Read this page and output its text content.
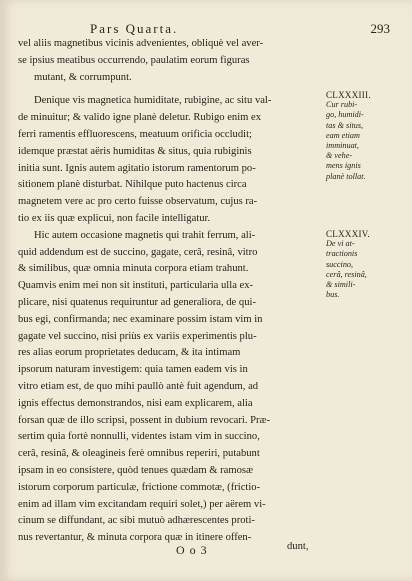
Pars Quarta.	293
vel aliis magnetibus vicinis advenientes, obliquè vel aver-
se ipsius meatibus occurrendo, paulatim eorum figuras
mutant, & corrumpunt.
Denique vis magnetica humiditate, rubigine, ac situ val-
de minuitur; & valido igne planè deletur. Rubigo enim ex
ferri ramentis effluorescens, meatuum orificia occludit;
idemque præstat aëris humiditas & situs, quia rubiginis
initia sunt. Ignis autem agitatio istorum ramentorum po-
sitionem planè disturbat. Nihilque puto hactenus circa
magnetem vere ac pro certo fuisse observatum, cujus ra-
tio ex iis quæ explicui, non facile intelligatur.
Hic autem occasione magnetis qui trahit ferrum, ali-
quid addendum est de succino, gagate, cerâ, resinâ, vitro
& similibus, quæ omnia minuta corpora etiam trahunt.
Quamvis enim mei non sit instituti, particularia ulla ex-
plicare, nisi quatenus requiruntur ad generaliora, de qui-
bus egi, confirmanda; nec examinare possim istam vim in
gagate vel succino, nisi priùs ex variis experimentis plu-
res alias eorum proprietates deducam, & ita intimam
ipsorum naturam investigem: quia tamen eadem vis in
vitro etiam est, de quo mihi paullò antè fuit agendum, ad
ignis effectus demonstrandos, nisi eam explicarem, alia
forsan quæ de illo scripsi, possent in dubium revocari. Præ-
sertim quia fortè nonnulli, videntes istam vim in succino,
cerâ, resinâ, & oleagineis ferè omnibus reperiri, putabunt
ipsam in eo consistere, quòd tenues quædam & ramosæ
istorum corporum particulæ, frictione commotæ, (frictio-
enim ad illam vim excitandam requiri solet,) per aërem vi-
cinum se diffundant, ac sibi mutuò adhærescentes proti-
nus revertantur, & minuta corpora quæ in itinere offen-
CLXXXIII.
Cur rubi-
go, humidi-
tas & situs,
eam etiam
imminuat,
& vehe-
mens ignis
planè tollat.
CLXXXIV.
De vi at-
tractionis
succino,
cerâ, resinâ,
& simili-
bus.
O o 3	dunt,
